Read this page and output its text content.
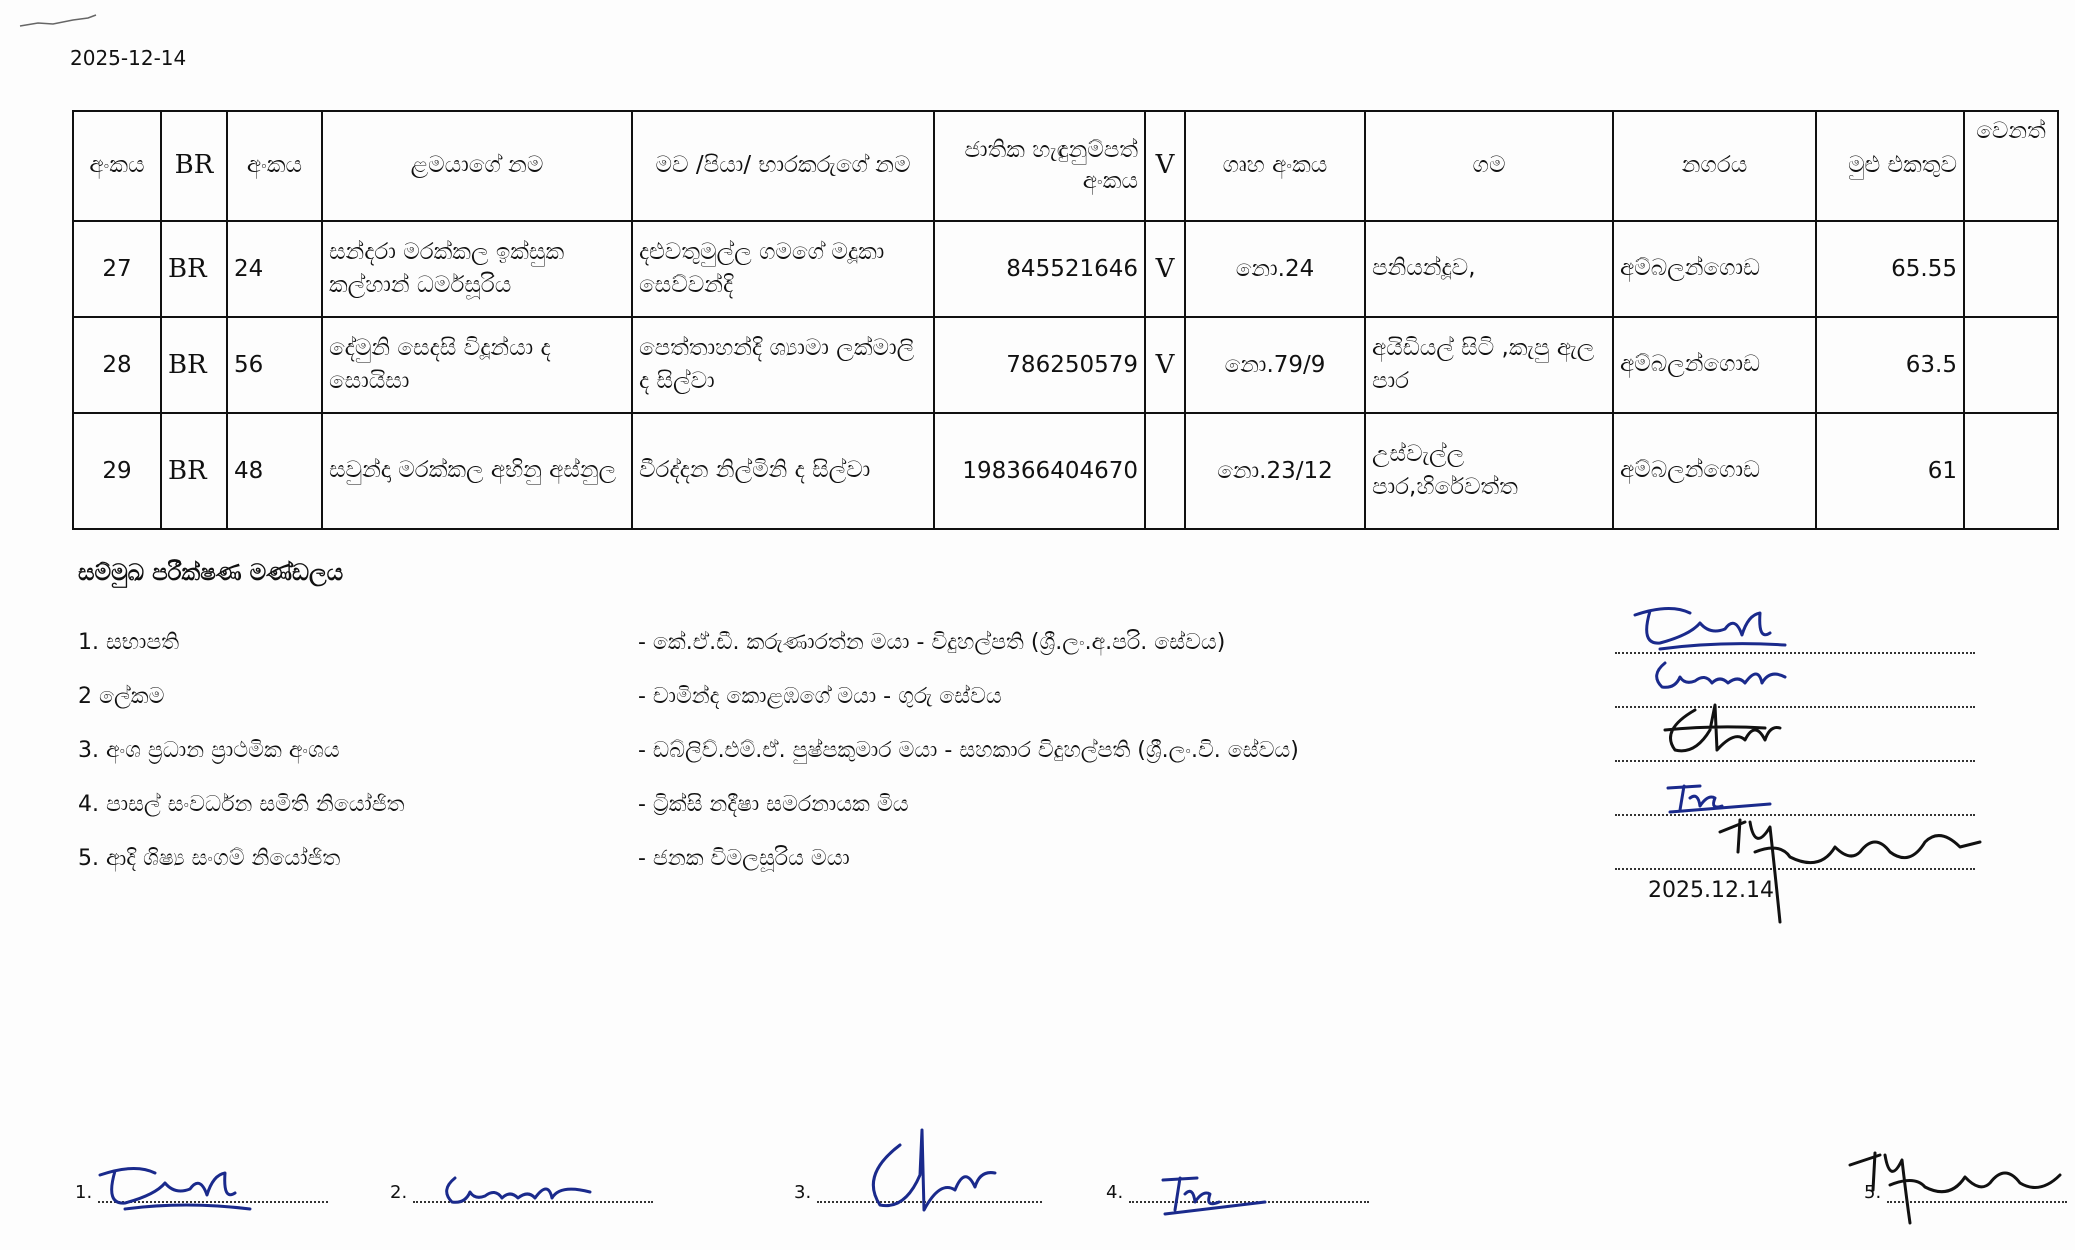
2025-12-14
අංකය	BR	අංකය	ළමයාගේ නම	මව /පියා/ භාරකරුගේ නම	ජාතික හැඳුනුම්පත් අංකය	V	ගෘහ අංකය	ගම	නගරය	මුළු එකතුව	වෙනත්
27	BR	24	සන්දරා මරක්කල ඉක්සුක කල්හාන් ධර්මසූරිය	දළුවතුමුල්ල ගමගේ මදූකා සෙව්වන්දි	845521646	V	නො.24	පනියන්දූව,	අම්බලන්ගොඩ	65.55	
28	BR	56	දේමුනි සෙදසි විදූන්යා ද සොයිසා	පෙත්තාහන්දි ශ්‍යාමා ලක්මාලි ද සිල්වා	786250579	V	නො.79/9	අයිඩියල් සිටි ,කැපු ඇල පාර	අම්බලන්ගොඩ	63.5	
29	BR	48	සවුන්දා මරක්කල අභිනු අස්නුල	වීරද්දන නිල්මිනි ද සිල්වා	198366404670		නො.23/12	උස්වැල්ල පාර,හිරේවත්ත	අම්බලන්ගොඩ	61	
සම්මුඛ පරීක්ෂණ මණ්ඩලය
1. සභාපති	- කේ.ඒ.ඩී. කරුණාරත්න මයා - විදුහල්පති (ශ්‍රී.ලං.අ.පරි. සේවය)
2 ලේකම	- චාමින්ද කොළඹගේ මයා - ගුරු සේවය
3. අංශ ප්‍රධාන ප්‍රාථමික අංශය	- ඩබ්ලිව්.එම්.ඒ. පුෂ්පකුමාර මයා - සහකාර විදුහල්පති (ශ්‍රී.ලං.වි. සේවය)
4. පාසල් සංවර්ධන සමිති නියෝජිත	- ට්‍රික්සි නදීෂා සමරනායක මිය
5. ආදි ශිෂ්‍ය සංගම් නියෝජිත	- ජනක විමලසූරිය මයා
2025.12.14
1.	2.	3.	4.	5.
